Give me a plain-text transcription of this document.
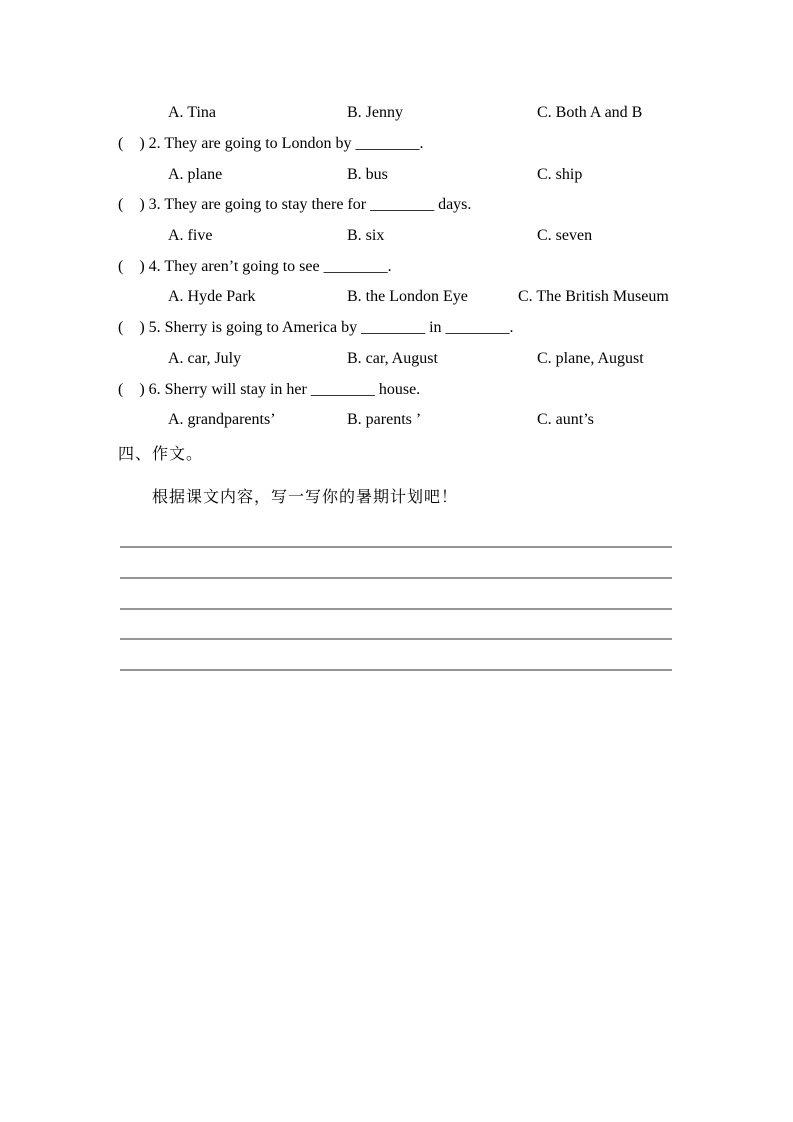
A. Tina

	B. Jenny

	C. Both A and B

(    ) 2. They are going to London by ________.

A. plane

	B. bus

	C. ship

(    ) 3. They are going to stay there for ________ days.

A. five

	B. six

	C. seven

(    ) 4. They aren’t going to see ________.

A. Hyde Park

	B. the London Eye

	C. The British Museum

(    ) 5. Sherry is going to America by ________ in ________.

A. car, July

	B. car, August

	C. plane, August

(    ) 6. Sherry will stay in her ________ house.

A. grandparents’

	B. parents ’

	C. aunt’s

四、作文。
根据课文内容，写一写你的暑期计划吧！
